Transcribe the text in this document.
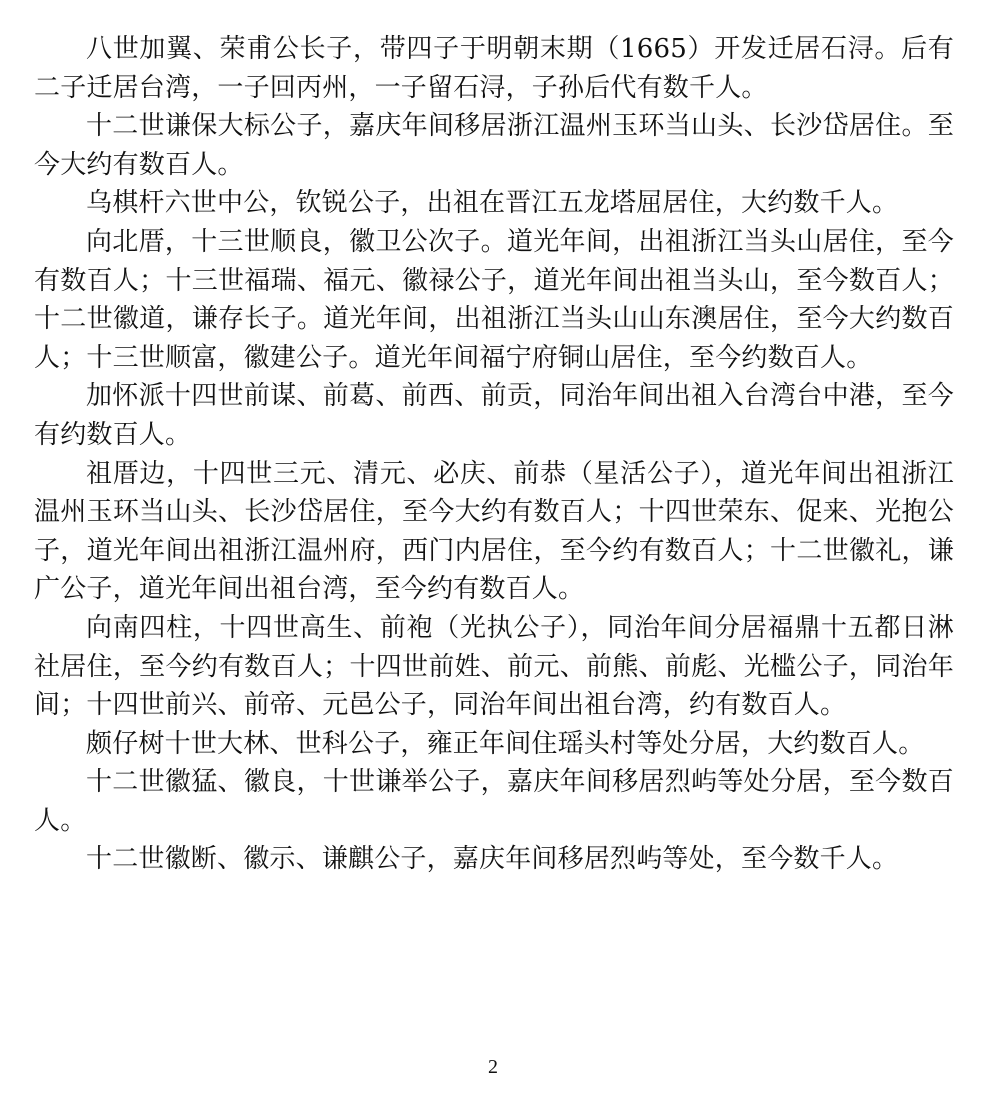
八世加翼、荣甫公长子，带四子于明朝末期（1665）开发迁居石浔。后有二子迁居台湾，一子回丙州，一子留石浔，子孙后代有数千人。

十二世谦保大标公子，嘉庆年间移居浙江温州玉环当山头、长沙岱居住。至今大约有数百人。

乌棋杆六世中公，钦锐公子，出祖在晋江五龙塔屈居住，大约数千人。

向北厝，十三世顺良，徽卫公次子。道光年间，出祖浙江当头山居住，至今有数百人；十三世福瑞、福元、徽禄公子，道光年间出祖当头山，至今数百人；十二世徽道，谦存长子。道光年间，出祖浙江当头山山东澳居住，至今大约数百人；十三世顺富，徽建公子。道光年间福宁府铜山居住，至今约数百人。

加怀派十四世前谋、前葛、前西、前贡，同治年间出祖入台湾台中港，至今有约数百人。

祖厝边，十四世三元、清元、必庆、前恭（星活公子），道光年间出祖浙江温州玉环当山头、长沙岱居住，至今大约有数百人；十四世荣东、促来、光抱公子，道光年间出祖浙江温州府，西门内居住，至今约有数百人；十二世徽礼，谦广公子，道光年间出祖台湾，至今约有数百人。

向南四柱，十四世高生、前袍（光执公子），同治年间分居福鼎十五都日淋社居住，至今约有数百人；十四世前姓、前元、前熊、前彪、光槛公子，同治年间；十四世前兴、前帝、元邑公子，同治年间出祖台湾，约有数百人。

颇仔树十世大林、世科公子，雍正年间住瑶头村等处分居，大约数百人。

十二世徽猛、徽良，十世谦举公子，嘉庆年间移居烈屿等处分居，至今数百人。

十二世徽断、徽示、谦麒公子，嘉庆年间移居烈屿等处，至今数千人。

2
